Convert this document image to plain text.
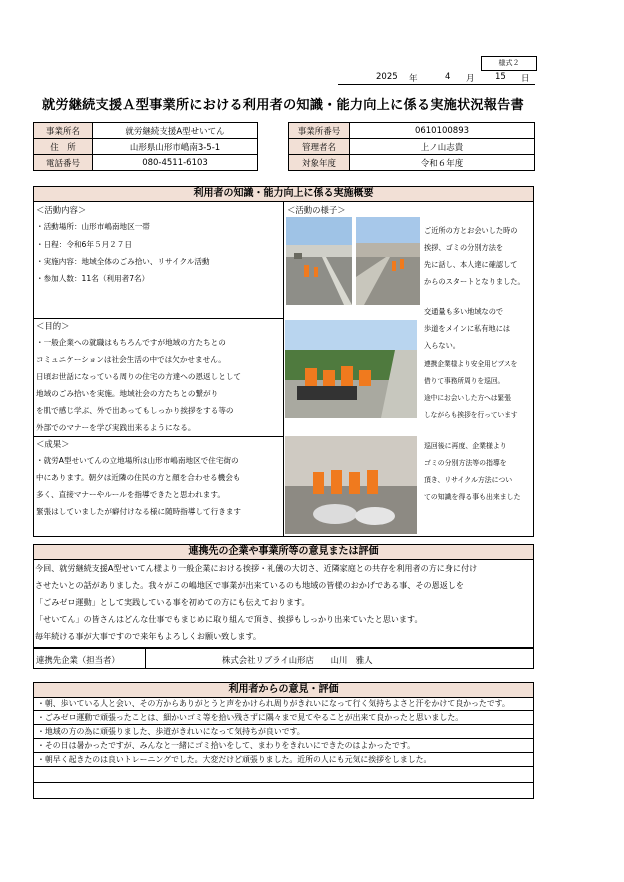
様式２
2025 年	4 月 15 日
就労継続支援Ａ型事業所における利用者の知識・能力向上に係る実施状況報告書
事業所名	就労継続支援A型せいてん		事業所番号	0610100893
住　所	山形県山形市嶋南3-5-1		管理者名	上ノ山志貴
電話番号	080-4511-6103		対象年度	令和６年度
利用者の知識・能力向上に係る実施概要
＜活動内容＞
・活動場所：山形市嶋南地区一帯
・日程：令和6年５月２７日
・実施内容：地域全体のごみ拾い、リサイクル活動
・参加人数：11名（利用者7名）
＜目的＞
・一般企業への就職はもちろんですが地域の方たちとの
コミュニケーションは社会生活の中では欠かせません。
日頃お世話になっている周りの住宅の方達への恩返しとして
地域のごみ拾いを実施。地域社会の方たちとの繋がり
を肌で感じ学ぶ、外で出あってもしっかり挨拶をする等の
外部でのマナーを学び実践出来るようになる。
＜成果＞
・就労A型せいてんの立地場所は山形市嶋南地区で住宅街の
中にあります。朝夕は近隣の住民の方と顔を合わせる機会も
多く、直接マナーやルールを指導できたと思われます。
緊張はしていましたが癖付けなる様に随時指導して行きます
＜活動の様子＞
ご近所の方とお会いした時の
挨拶、ゴミの分別方法を
先に話し、本人達に確認して
からのスタートとなりました。
交通量も多い地域なので
歩道をメインに私有地には
入らない。
連携企業様より安全用ビブスを
借りて事務所周りを巡回。
途中にお会いした方へは緊張
しながらも挨拶を行っています
巡回後に再度、企業様より
ゴミの分別方法等の指導を
頂き、リサイクル方法につい
ての知識を得る事も出来ました
連携先の企業や事業所等の意見または評価
今回、就労継続支援A型せいてん様より一般企業における挨拶・礼儀の大切さ、近隣家庭との共存を利用者の方に身に付け
させたいとの話がありました。我々がこの嶋地区で事業が出来ているのも地域の皆様のおかげである事、その恩返しを
「ごみゼロ運動」として実践している事を初めての方にも伝えております。
「せいてん」の皆さんはどんな仕事でもまじめに取り組んで頂き、挨拶もしっかり出来ていたと思います。
毎年続ける事が大事ですので来年もよろしくお願い致します。
連携先企業（担当者）	株式会社リブライ山形店　　山川　雅人
利用者からの意見・評価
・朝、歩いている人と会い、その方からありがとうと声をかけられ周りがきれいになって行く気持ちよさと汗をかけて良かったです。
・ごみゼロ運動で頑張ったことは、細かいゴミ等を拾い残さずに隅々まで見てやることが出来て良かったと思いました。
・地域の方の為に頑張りました、歩道がきれいになって気持ちが良いです。
・その日は暑かったですが、みんなと一緒にゴミ拾いをして、まわりをきれいにできたのはよかったです。
・朝早く起きたのは良いトレーニングでした。大変だけど頑張りました。近所の人にも元気に挨拶をしました。
